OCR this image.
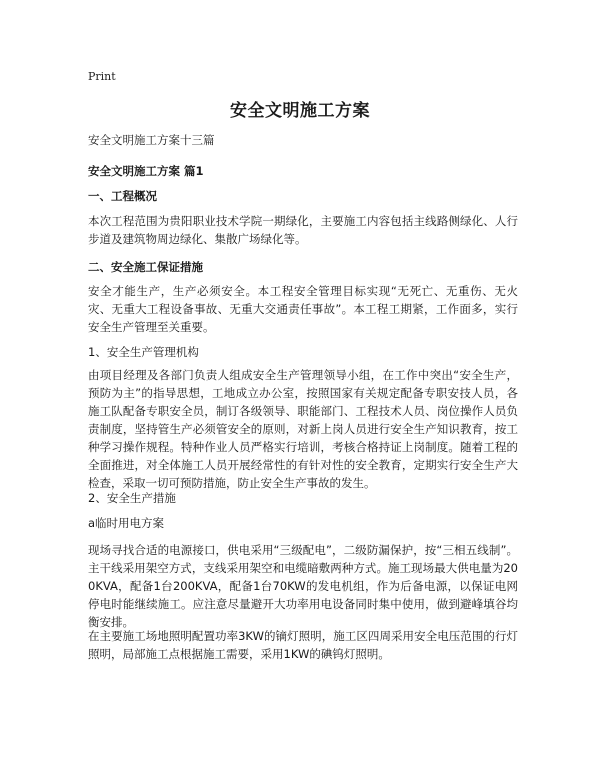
Print
安全文明施工方案
安全文明施工方案十三篇
安全文明施工方案 篇1
一、工程概况
本次工程范围为贵阳职业技术学院一期绿化，主要施工内容包括主线路侧绿化、人行步道及建筑物周边绿化、集散广场绿化等。
二、安全施工保证措施
安全才能生产，生产必须安全。本工程安全管理目标实现“无死亡、无重伤、无火灾、无重大工程设备事故、无重大交通责任事故”。本工程工期紧，工作面多，实行安全生产管理至关重要。
1、安全生产管理机构
由项目经理及各部门负责人组成安全生产管理领导小组，在工作中突出“安全生产，预防为主”的指导思想，工地成立办公室，按照国家有关规定配备专职安技人员，各施工队配备专职安全员，制订各级领导、职能部门、工程技术人员、岗位操作人员负责制度，坚持管生产必须管安全的原则，对新上岗人员进行安全生产知识教育，按工种学习操作规程。特种作业人员严格实行培训，考核合格持证上岗制度。随着工程的全面推进，对全体施工人员开展经常性的有针对性的安全教育，定期实行安全生产大检查，采取一切可预防措施，防止安全生产事故的发生。
2、安全生产措施
a临时用电方案
现场寻找合适的电源接口，供电采用“三级配电”，二级防漏保护，按“三相五线制”。主干线采用架空方式，支线采用架空和电缆暗敷两种方式。施工现场最大供电量为200KVA，配备1台200KVA，配备1台70KW的发电机组，作为后备电源，以保证电网停电时能继续施工。应注意尽量避开大功率用电设备同时集中使用，做到避峰填谷均衡安排。
在主要施工场地照明配置功率3KW的镝灯照明，施工区四周采用安全电压范围的行灯照明，局部施工点根据施工需要，采用1KW的碘钨灯照明。
